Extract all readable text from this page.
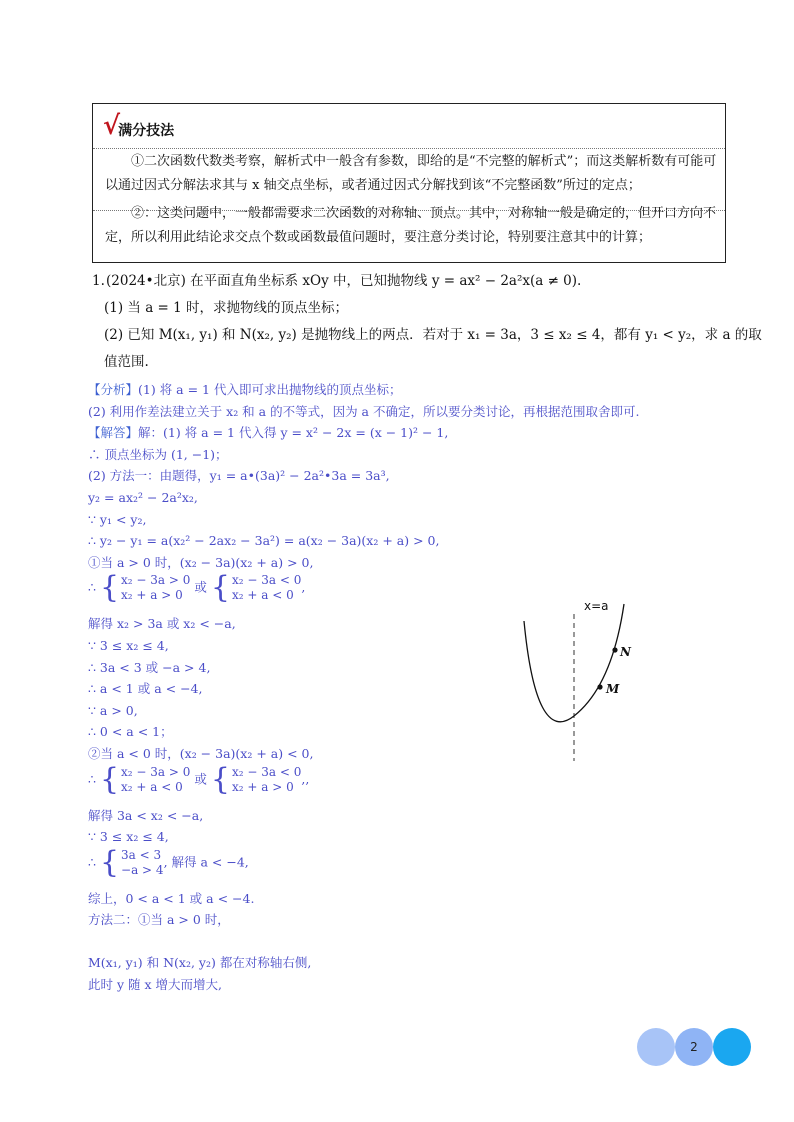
√
满分技法

①二次函数代数类考察，解析式中一般含有参数，即给的是“不完整的解析式”；而这类解析数有可能可以通过因式分解法求其与 x 轴交点坐标，或者通过因式分解找到该“不完整函数”所过的定点；

②：这类问题中，一般都需要求二次函数的对称轴、顶点。其中，对称轴一般是确定的，但开口方向不定，所以利用此结论求交点个数或函数最值问题时，要注意分类讨论，特别要注意其中的计算；

1. (2024•北京) 在平面直角坐标系 xOy 中，已知抛物线 y = ax² − 2a²x(a ≠ 0).
(1) 当 a = 1 时，求抛物线的顶点坐标；
(2) 已知 M(x₁, y₁) 和 N(x₂, y₂) 是抛物线上的两点．若对于 x₁ = 3a，3 ≤ x₂ ≤ 4，都有 y₁ < y₂，求 a 的取
值范围.
【分析】(1) 将 a = 1 代入即可求出抛物线的顶点坐标；
(2) 利用作差法建立关于 x₂ 和 a 的不等式，因为 a 不确定，所以要分类讨论，再根据范围取舍即可.
【解答】解：(1) 将 a = 1 代入得 y = x² − 2x = (x − 1)² − 1,
∴ 顶点坐标为 (1, −1)；
(2) 方法一：由题得，y₁ = a•(3a)² − 2a²•3a = 3a³,
y₂ = ax₂² − 2a²x₂,
∵ y₁ < y₂,
∴ y₂ − y₁ = a(x₂² − 2ax₂ − 3a²) = a(x₂ − 3a)(x₂ + a) > 0,
①当 a > 0 时，(x₂ − 3a)(x₂ + a) > 0,
∴ { x₂ − 3a > 0
x₂ + a > 0
或 { x₂ − 3a < 0
x₂ + a < 0
,
解得 x₂ > 3a 或 x₂ < −a,
∵ 3 ≤ x₂ ≤ 4,
∴ 3a < 3 或 −a > 4,
∴ a < 1 或 a < −4,
∵ a > 0,
∴ 0 < a < 1；
②当 a < 0 时，(x₂ − 3a)(x₂ + a) < 0,
∴ { x₂ − 3a > 0
x₂ + a < 0
或 { x₂ − 3a < 0
x₂ + a > 0
,,
解得 3a < x₂ < −a,
∵ 3 ≤ x₂ ≤ 4,
∴ { 3a < 3
−a > 4
, 解得 a < −4,
综上，0 < a < 1 或 a < −4.
方法二：①当 a > 0 时，
M(x₁, y₁) 和 N(x₂, y₂) 都在对称轴右侧,
此时 y 随 x 增大而增大,
x=a
M
N
2
